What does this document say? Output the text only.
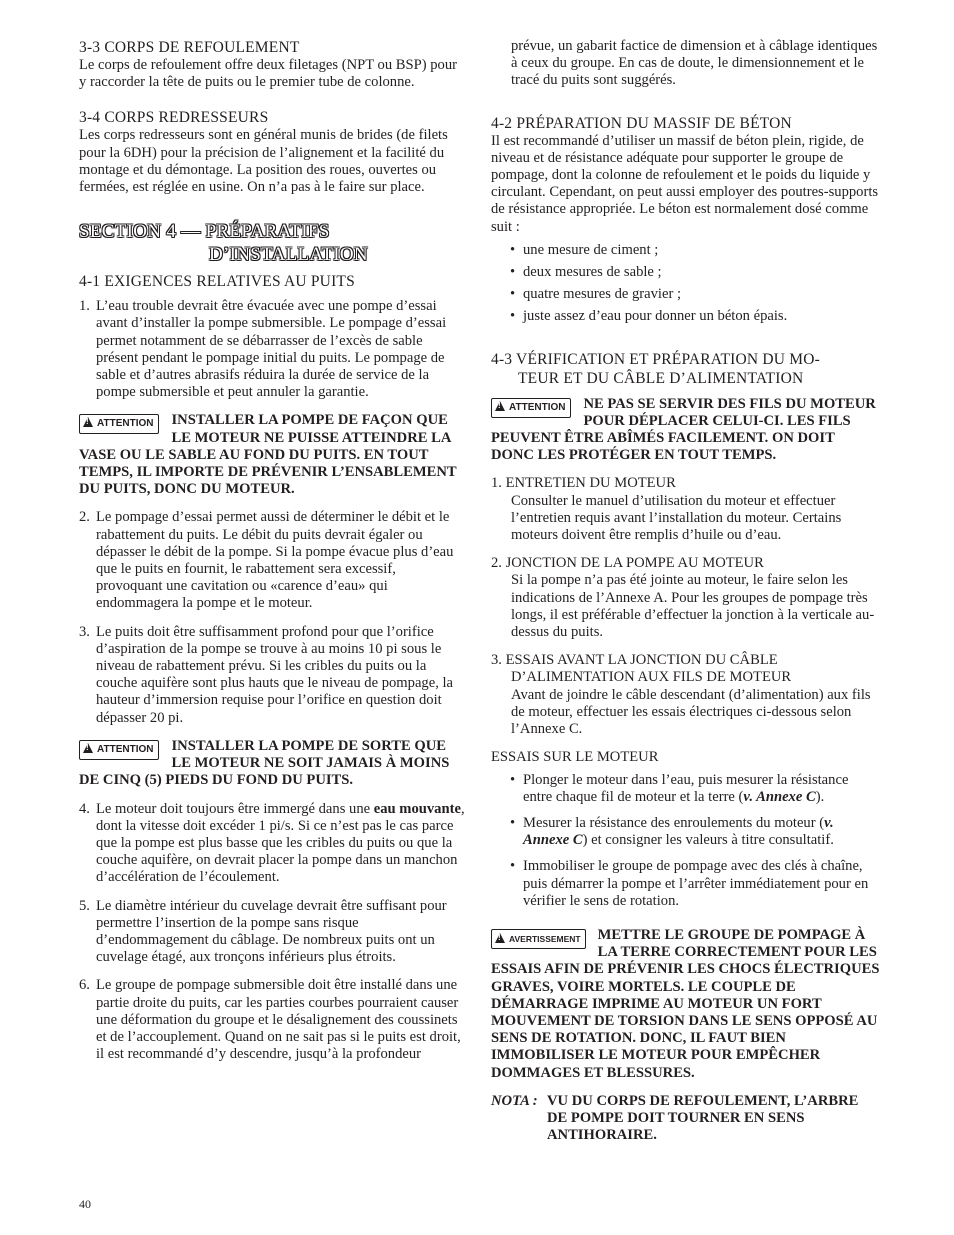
3-3 CORPS DE REFOULEMENT

Le corps de refoulement offre deux filetages (NPT ou BSP) pour y raccorder la tête de puits ou le premier tube de colonne.

3-4 CORPS REDRESSEURS

Les corps redresseurs sont en général munis de brides (de filets pour la 6DH) pour la précision de l’alignement et la facilité du montage et du démontage. La position des roues, ouvertes ou fermées, est réglée en usine. On n’a pas à le faire sur place.

SECTION 4 — PRÉPARATIFS
D’INSTALLATION
4-1 EXIGENCES RELATIVES AU PUITS
1. L’eau trouble devrait être évacuée avec une pompe d’essai avant d’installer la pompe submersible. Le pompage d’essai permet notamment de se débarrasser de l’excès de sable présent pendant le pompage initial du puits. Le pompage de sable et d’autres abrasifs réduira la durée de service de la pompe submersible et peut annuler la garantie.
!ATTENTION	INSTALLER LA POMPE DE FAÇON QUE LE MOTEUR NE PUISSE ATTEINDRE LA VASE OU LE SABLE AU FOND DU PUITS. EN TOUT TEMPS, IL IMPORTE DE PRÉVENIR L’ENSABLEMENT DU PUITS, DONC DU MOTEUR.
2. Le pompage d’essai permet aussi de déterminer le débit et le rabattement du puits. Le débit du puits devrait égaler ou dépasser le débit de la pompe. Si la pompe évacue plus d’eau que le puits en fournit, le rabattement sera excessif, provoquant une cavitation ou «carence d’eau» qui endommagera la pompe et le moteur.
3. Le puits doit être suffisamment profond pour que l’orifice d’aspiration de la pompe se trouve à au moins 10 pi sous le niveau de rabattement prévu. Si les cribles du puits ou la couche aquifère sont plus hauts que le niveau de pompage, la hauteur d’immersion requise pour l’orifice en question doit dépasser 20 pi.
!ATTENTION	INSTALLER LA POMPE DE SORTE QUE LE MOTEUR NE SOIT JAMAIS À MOINS DE CINQ (5) PIEDS DU FOND DU PUITS.
4. Le moteur doit toujours être immergé dans une eau mouvante, dont la vitesse doit excéder 1 pi/s. Si ce n’est pas le cas parce que la pompe est plus basse que les cribles du puits ou que la couche aquifère, on devrait placer la pompe dans un manchon d’accélération de l’écoulement.
5. Le diamètre intérieur du cuvelage devrait être suffisant pour permettre l’insertion de la pompe sans risque d’endommagement du câblage. De nombreux puits ont un cuvelage étagé, aux tronçons inférieurs plus étroits.
6. Le groupe de pompage submersible doit être installé dans une partie droite du puits, car les parties courbes pourraient causer une déformation du groupe et le désalignement des coussinets et de l’accouplement. Quand on ne sait pas si le puits est droit, il est recommandé d’y descendre, jusqu’à la profondeur

prévue, un gabarit factice de dimension et à câblage identiques à ceux du groupe. En cas de doute, le dimensionnement et le tracé du puits sont suggérés.

4-2 PRÉPARATION DU MASSIF DE BÉTON

Il est recommandé d’utiliser un massif de béton plein, rigide, de niveau et de résistance adéquate pour supporter le groupe de pompage, dont la colonne de refoulement et le poids du liquide y circulant. Cependant, on peut aussi employer des poutres-supports de résistance appropriée. Le béton est normalement dosé comme suit :

• une mesure de ciment ;
• deux mesures de sable ;
• quatre mesures de gravier ;
• juste assez d’eau pour donner un béton épais.
4-3 VÉRIFICATION ET PRÉPARATION DU MO-
TEUR ET DU CÂBLE D’ALIMENTATION
!ATTENTION	NE PAS SE SERVIR DES FILS DU MOTEUR POUR DÉPLACER CELUI-CI. LES FILS PEUVENT ÊTRE ABÎMÉS FACILEMENT. ON DOIT DONC LES PROTÉGER EN TOUT TEMPS.

1. ENTRETIEN DU MOTEUR

Consulter le manuel d’utilisation du moteur et effectuer l’entretien requis avant l’installation du moteur. Certains moteurs doivent être remplis d’huile ou d’eau.

2. JONCTION DE LA POMPE AU MOTEUR

Si la pompe n’a pas été jointe au moteur, le faire selon les indications de l’Annexe A. Pour les groupes de pompage très longs, il est préférable d’effectuer la jonction à la verticale au-dessus du puits.

3. ESSAIS AVANT LA JONCTION DU CÂBLE
D’ALIMENTATION AUX FILS DE MOTEUR

Avant de joindre le câble descendant (d’alimentation) aux fils de moteur, effectuer les essais électriques ci-dessous selon l’Annexe C.

ESSAIS SUR LE MOTEUR

• Plonger le moteur dans l’eau, puis mesurer la résistance entre chaque fil de moteur et la terre (v. Annexe C).
• Mesurer la résistance des enroulements du moteur (v. Annexe C) et consigner les valeurs à titre consultatif.
• Immobiliser le groupe de pompage avec des clés à chaîne, puis démarrer la pompe et l’arrêter immédiatement pour en vérifier le sens de rotation.
!AVERTISSEMENT	METTRE LE GROUPE DE POMPAGE À LA TERRE CORRECTEMENT POUR LES ESSAIS AFIN DE PRÉVENIR LES CHOCS ÉLECTRIQUES GRAVES, VOIRE MORTELS. LE COUPLE DE DÉMARRAGE IMPRIME AU MOTEUR UN FORT MOUVEMENT DE TORSION DANS LE SENS OPPOSÉ AU SENS DE ROTATION. DONC, IL FAUT BIEN IMMOBILISER LE MOTEUR POUR EMPÊCHER DOMMAGES ET BLESSURES.
NOTA : VU DU CORPS DE REFOULEMENT, L’ARBRE DE POMPE DOIT TOURNER EN SENS ANTIHORAIRE.
40
